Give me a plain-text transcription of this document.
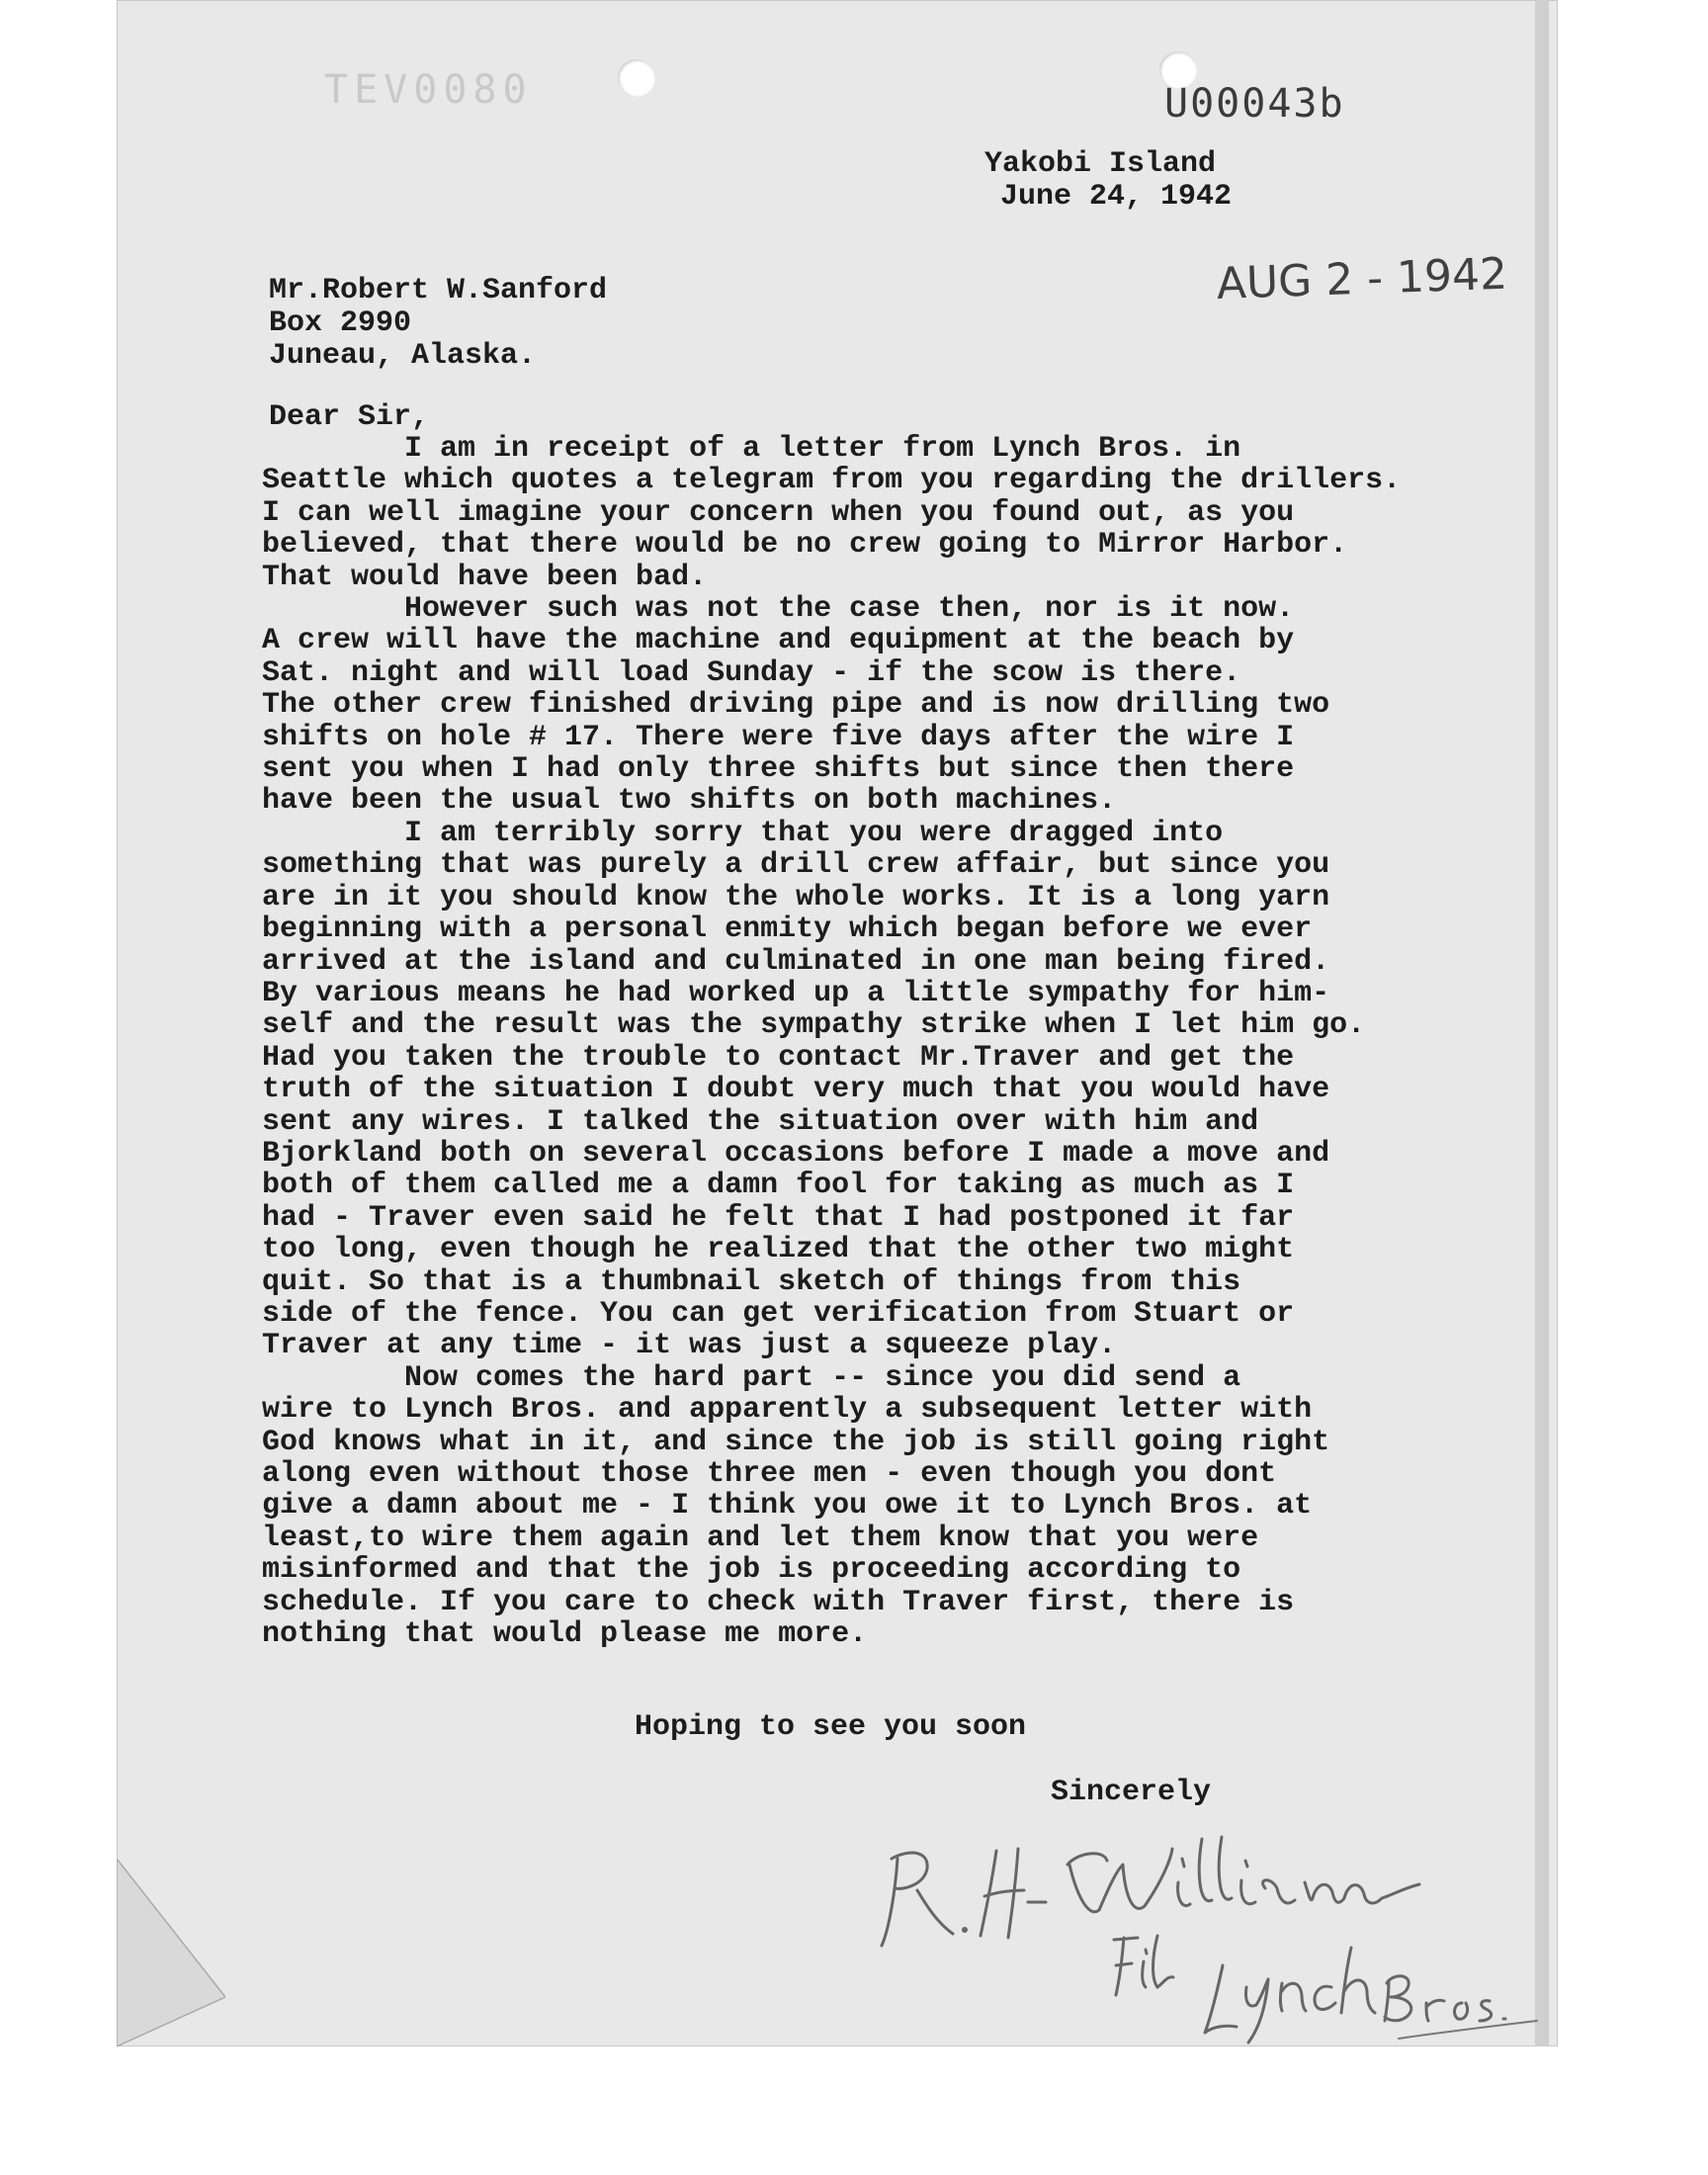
TEV0080	U00043b
Yakobi Island
June 24, 1942
AUG 2 - 1942
Mr.Robert W.Sanford
Box 2990
Juneau, Alaska.
Dear Sir,
I am in receipt of a letter from Lynch Bros. in
Seattle which quotes a telegram from you regarding the drillers.
I can well imagine your concern when you found out, as you
believed, that there would be no crew going to Mirror Harbor.
That would have been bad.
However such was not the case then, nor is it now.
A crew will have the machine and equipment at the beach by
Sat. night and will load Sunday - if the scow is there.
The other crew finished driving pipe and is now drilling two
shifts on hole # 17. There were five days after the wire I
sent you when I had only three shifts but since then there
have been the usual two shifts on both machines.
I am terribly sorry that you were dragged into
something that was purely a drill crew affair, but since you
are in it you should know the whole works. It is a long yarn
beginning with a personal enmity which began before we ever
arrived at the island and culminated in one man being fired.
By various means he had worked up a little sympathy for him-
self and the result was the sympathy strike when I let him go.
Had you taken the trouble to contact Mr.Traver and get the
truth of the situation I doubt very much that you would have
sent any wires. I talked the situation over with him and
Bjorkland both on several occasions before I made a move and
both of them called me a damn fool for taking as much as I
had - Traver even said he felt that I had postponed it far
too long, even though he realized that the other two might
quit. So that is a thumbnail sketch of things from this
side of the fence. You can get verification from Stuart or
Traver at any time - it was just a squeeze play.
Now comes the hard part -- since you did send a
wire to Lynch Bros. and apparently a subsequent letter with
God knows what in it, and since the job is still going right
along even without those three men - even though you dont
give a damn about me - I think you owe it to Lynch Bros. at
least,to wire them again and let them know that you were
misinformed and that the job is proceeding according to
schedule. If you care to check with Traver first, there is
nothing that would please me more.
Hoping to see you soon
Sincerely
